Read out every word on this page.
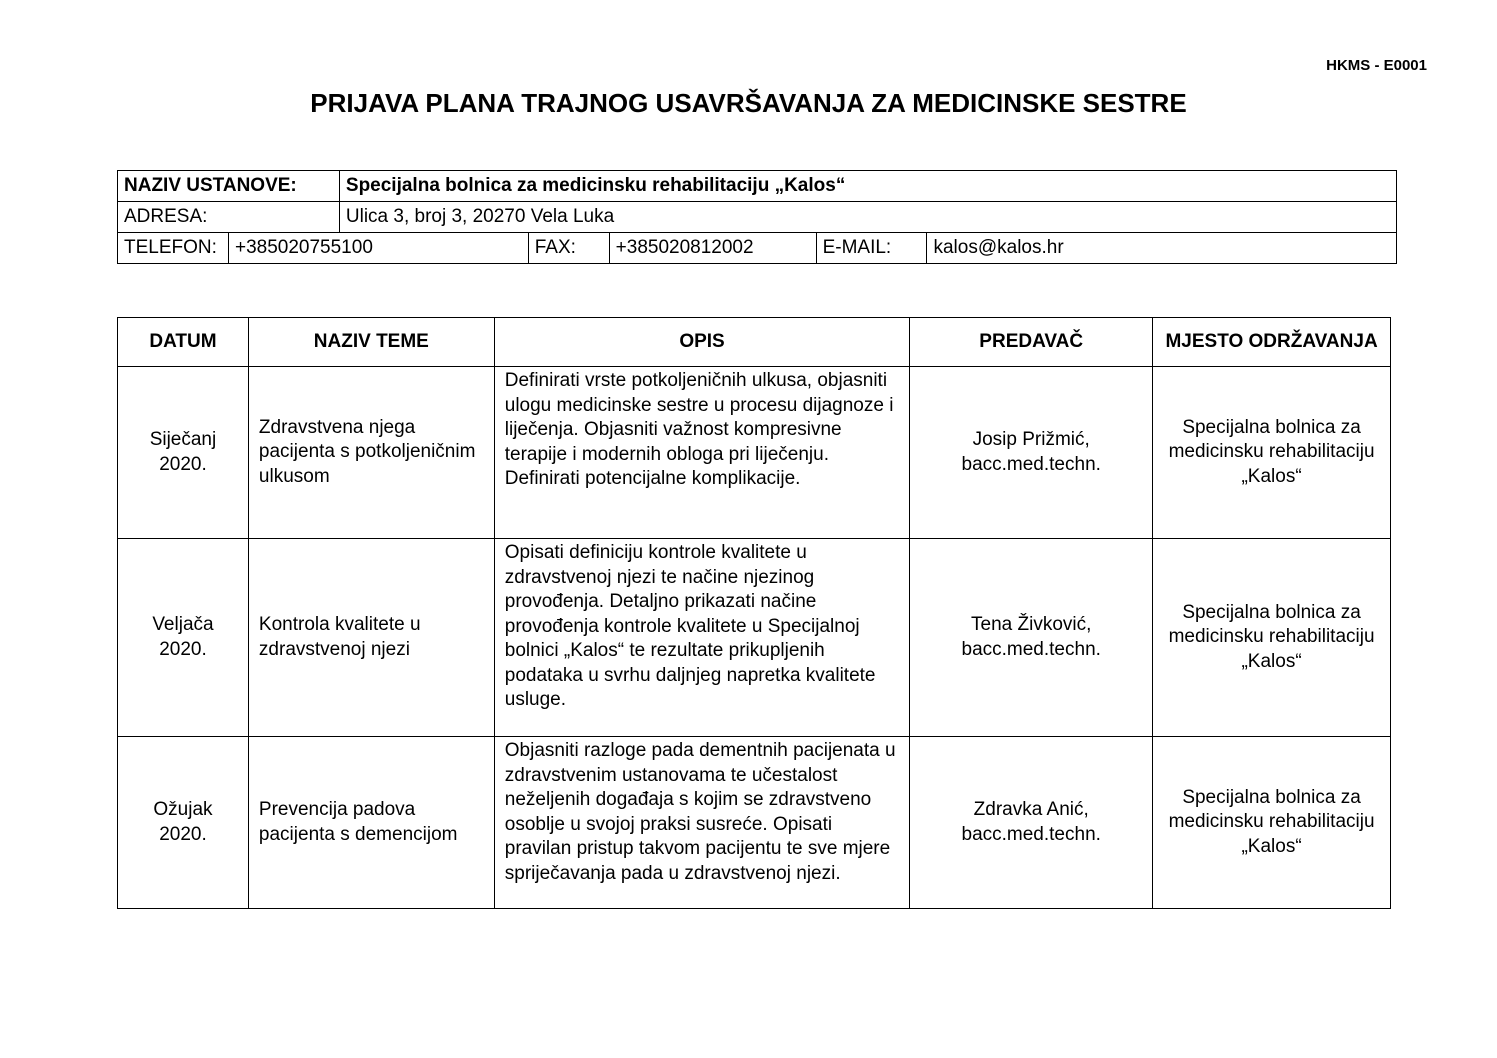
HKMS - E0001
PRIJAVA PLANA TRAJNOG USAVRŠAVANJA ZA MEDICINSKE SESTRE
NAZIV USTANOVE:		Specijalna bolnica za medicinsku rehabilitaciju „Kalos“				
ADRESA:		Ulica 3, broj 3, 20270 Vela Luka				
TELEFON:	+385020755100		FAX:	+385020812002	E-MAIL:	kalos@kalos.hr
DATUM	NAZIV TEME	OPIS	PREDAVAČ	MJESTO ODRŽAVANJA
Siječanj 2020.	Zdravstvena njega pacijenta s potkoljeničnim ulkusom	Definirati vrste potkoljeničnih ulkusa, objasniti ulogu medicinske sestre u procesu dijagnoze i liječenja. Objasniti važnost kompresivne terapije i modernih obloga pri liječenju. Definirati potencijalne komplikacije.	Josip Prižmić, bacc.med.techn.	Specijalna bolnica za medicinsku rehabilitaciju „Kalos“
Veljača 2020.	Kontrola kvalitete u zdravstvenoj njezi	Opisati definiciju kontrole kvalitete u zdravstvenoj njezi te načine njezinog provođenja. Detaljno prikazati načine provođenja kontrole kvalitete u Specijalnoj bolnici „Kalos“ te rezultate prikupljenih podataka u svrhu daljnjeg napretka kvalitete usluge.	Tena Živković, bacc.med.techn.	Specijalna bolnica za medicinsku rehabilitaciju „Kalos“
Ožujak 2020.	Prevencija padova pacijenta s demencijom	Objasniti razloge pada dementnih pacijenata u zdravstvenim ustanovama te učestalost neželjenih događaja s kojim se zdravstveno osoblje u svojoj praksi susreće. Opisati pravilan pristup takvom pacijentu te sve mjere spriječavanja pada u zdravstvenoj njezi.	Zdravka Anić, bacc.med.techn.	Specijalna bolnica za medicinsku rehabilitaciju „Kalos“
